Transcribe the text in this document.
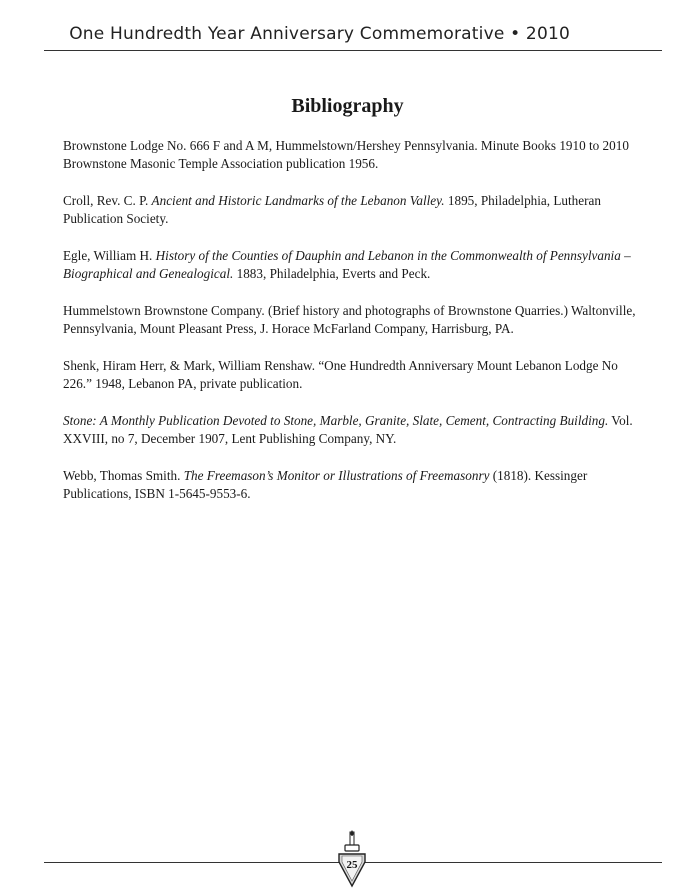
One Hundredth Year Anniversary Commemorative • 2010
Bibliography

Brownstone Lodge No. 666 F and A M, Hummelstown/Hershey Pennsylvania. Minute Books 1910 to 2010 Brownstone Masonic Temple Association publication 1956.

Croll, Rev. C. P. Ancient and Historic Landmarks of the Lebanon Valley. 1895, Philadelphia, Lutheran Publication Society.

Egle, William H. History of the Counties of Dauphin and Lebanon in the Commonwealth of Pennsylvania – Biographical and Genealogical. 1883, Philadelphia, Everts and Peck.

Hummelstown Brownstone Company. (Brief history and photographs of Brownstone Quarries.) Waltonville, Pennsylvania, Mount Pleasant Press, J. Horace McFarland Company, Harrisburg, PA.

Shenk, Hiram Herr, & Mark, William Renshaw. “One Hundredth Anniversary Mount Lebanon Lodge No 226.” 1948, Lebanon PA, private publication.

Stone: A Monthly Publication Devoted to Stone, Marble, Granite, Slate, Cement, Contracting Building. Vol. XXVIII, no 7, December 1907, Lent Publishing Company, NY.

Webb, Thomas Smith. The Freemason’s Monitor or Illustrations of Freemasonry (1818). Kessinger Publications, ISBN 1-5645-9553-6.

25
